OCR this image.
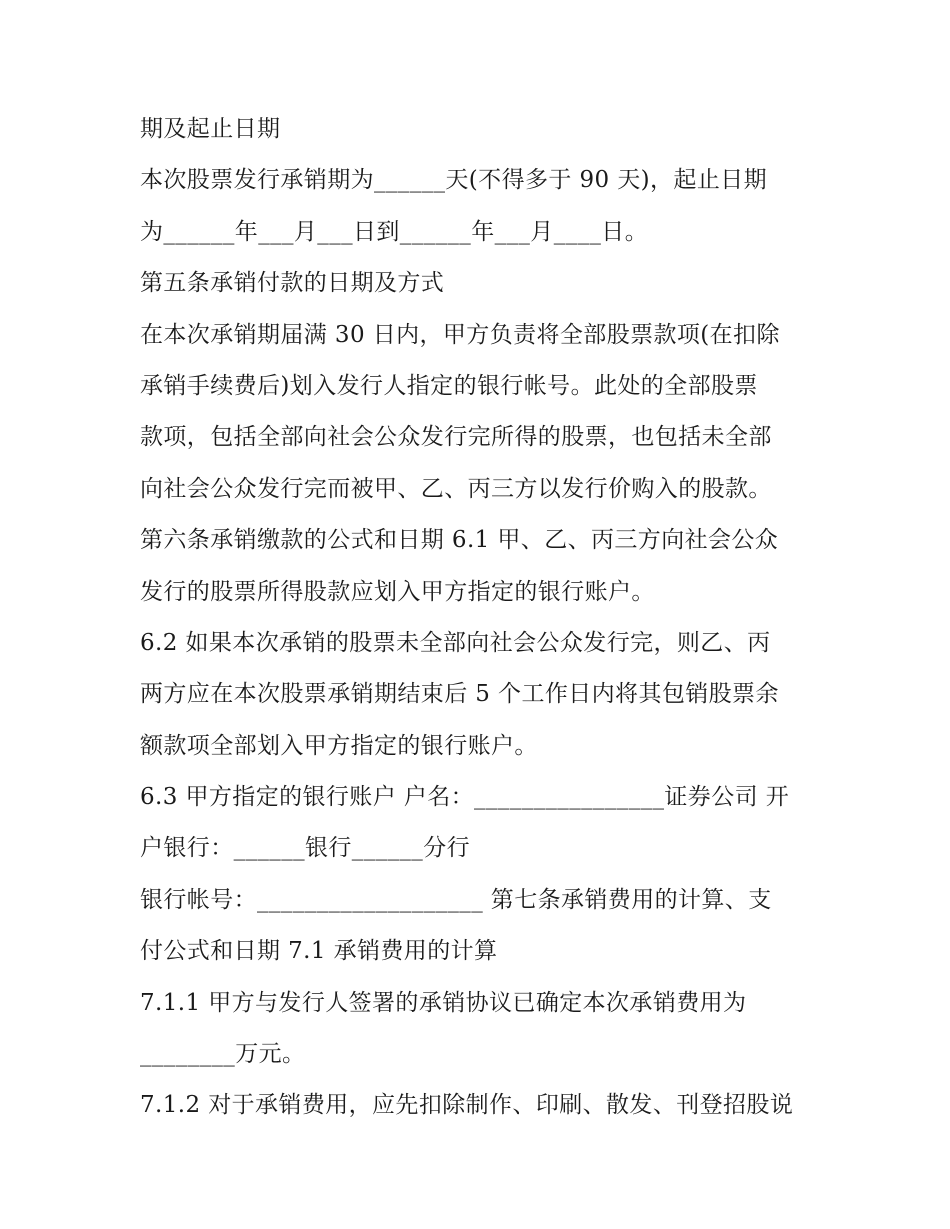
期及起止日期
本次股票发行承销期为______天(不得多于 90 天)，起止日期
为______年___月___日到______年___月____日。
第五条承销付款的日期及方式
在本次承销期届满 30 日内，甲方负责将全部股票款项(在扣除
承销手续费后)划入发行人指定的银行帐号。此处的全部股票
款项，包括全部向社会公众发行完所得的股票，也包括未全部
向社会公众发行完而被甲、乙、丙三方以发行价购入的股款。
第六条承销缴款的公式和日期 6.1 甲、乙、丙三方向社会公众
发行的股票所得股款应划入甲方指定的银行账户。
6.2 如果本次承销的股票未全部向社会公众发行完，则乙、丙
两方应在本次股票承销期结束后 5 个工作日内将其包销股票余
额款项全部划入甲方指定的银行账户。
6.3 甲方指定的银行账户 户名：________________证券公司 开
户银行：______银行______分行
银行帐号：___________________ 第七条承销费用的计算、支
付公式和日期 7.1 承销费用的计算
7.1.1 甲方与发行人签署的承销协议已确定本次承销费用为
________万元。
7.1.2 对于承销费用，应先扣除制作、印刷、散发、刊登招股说
